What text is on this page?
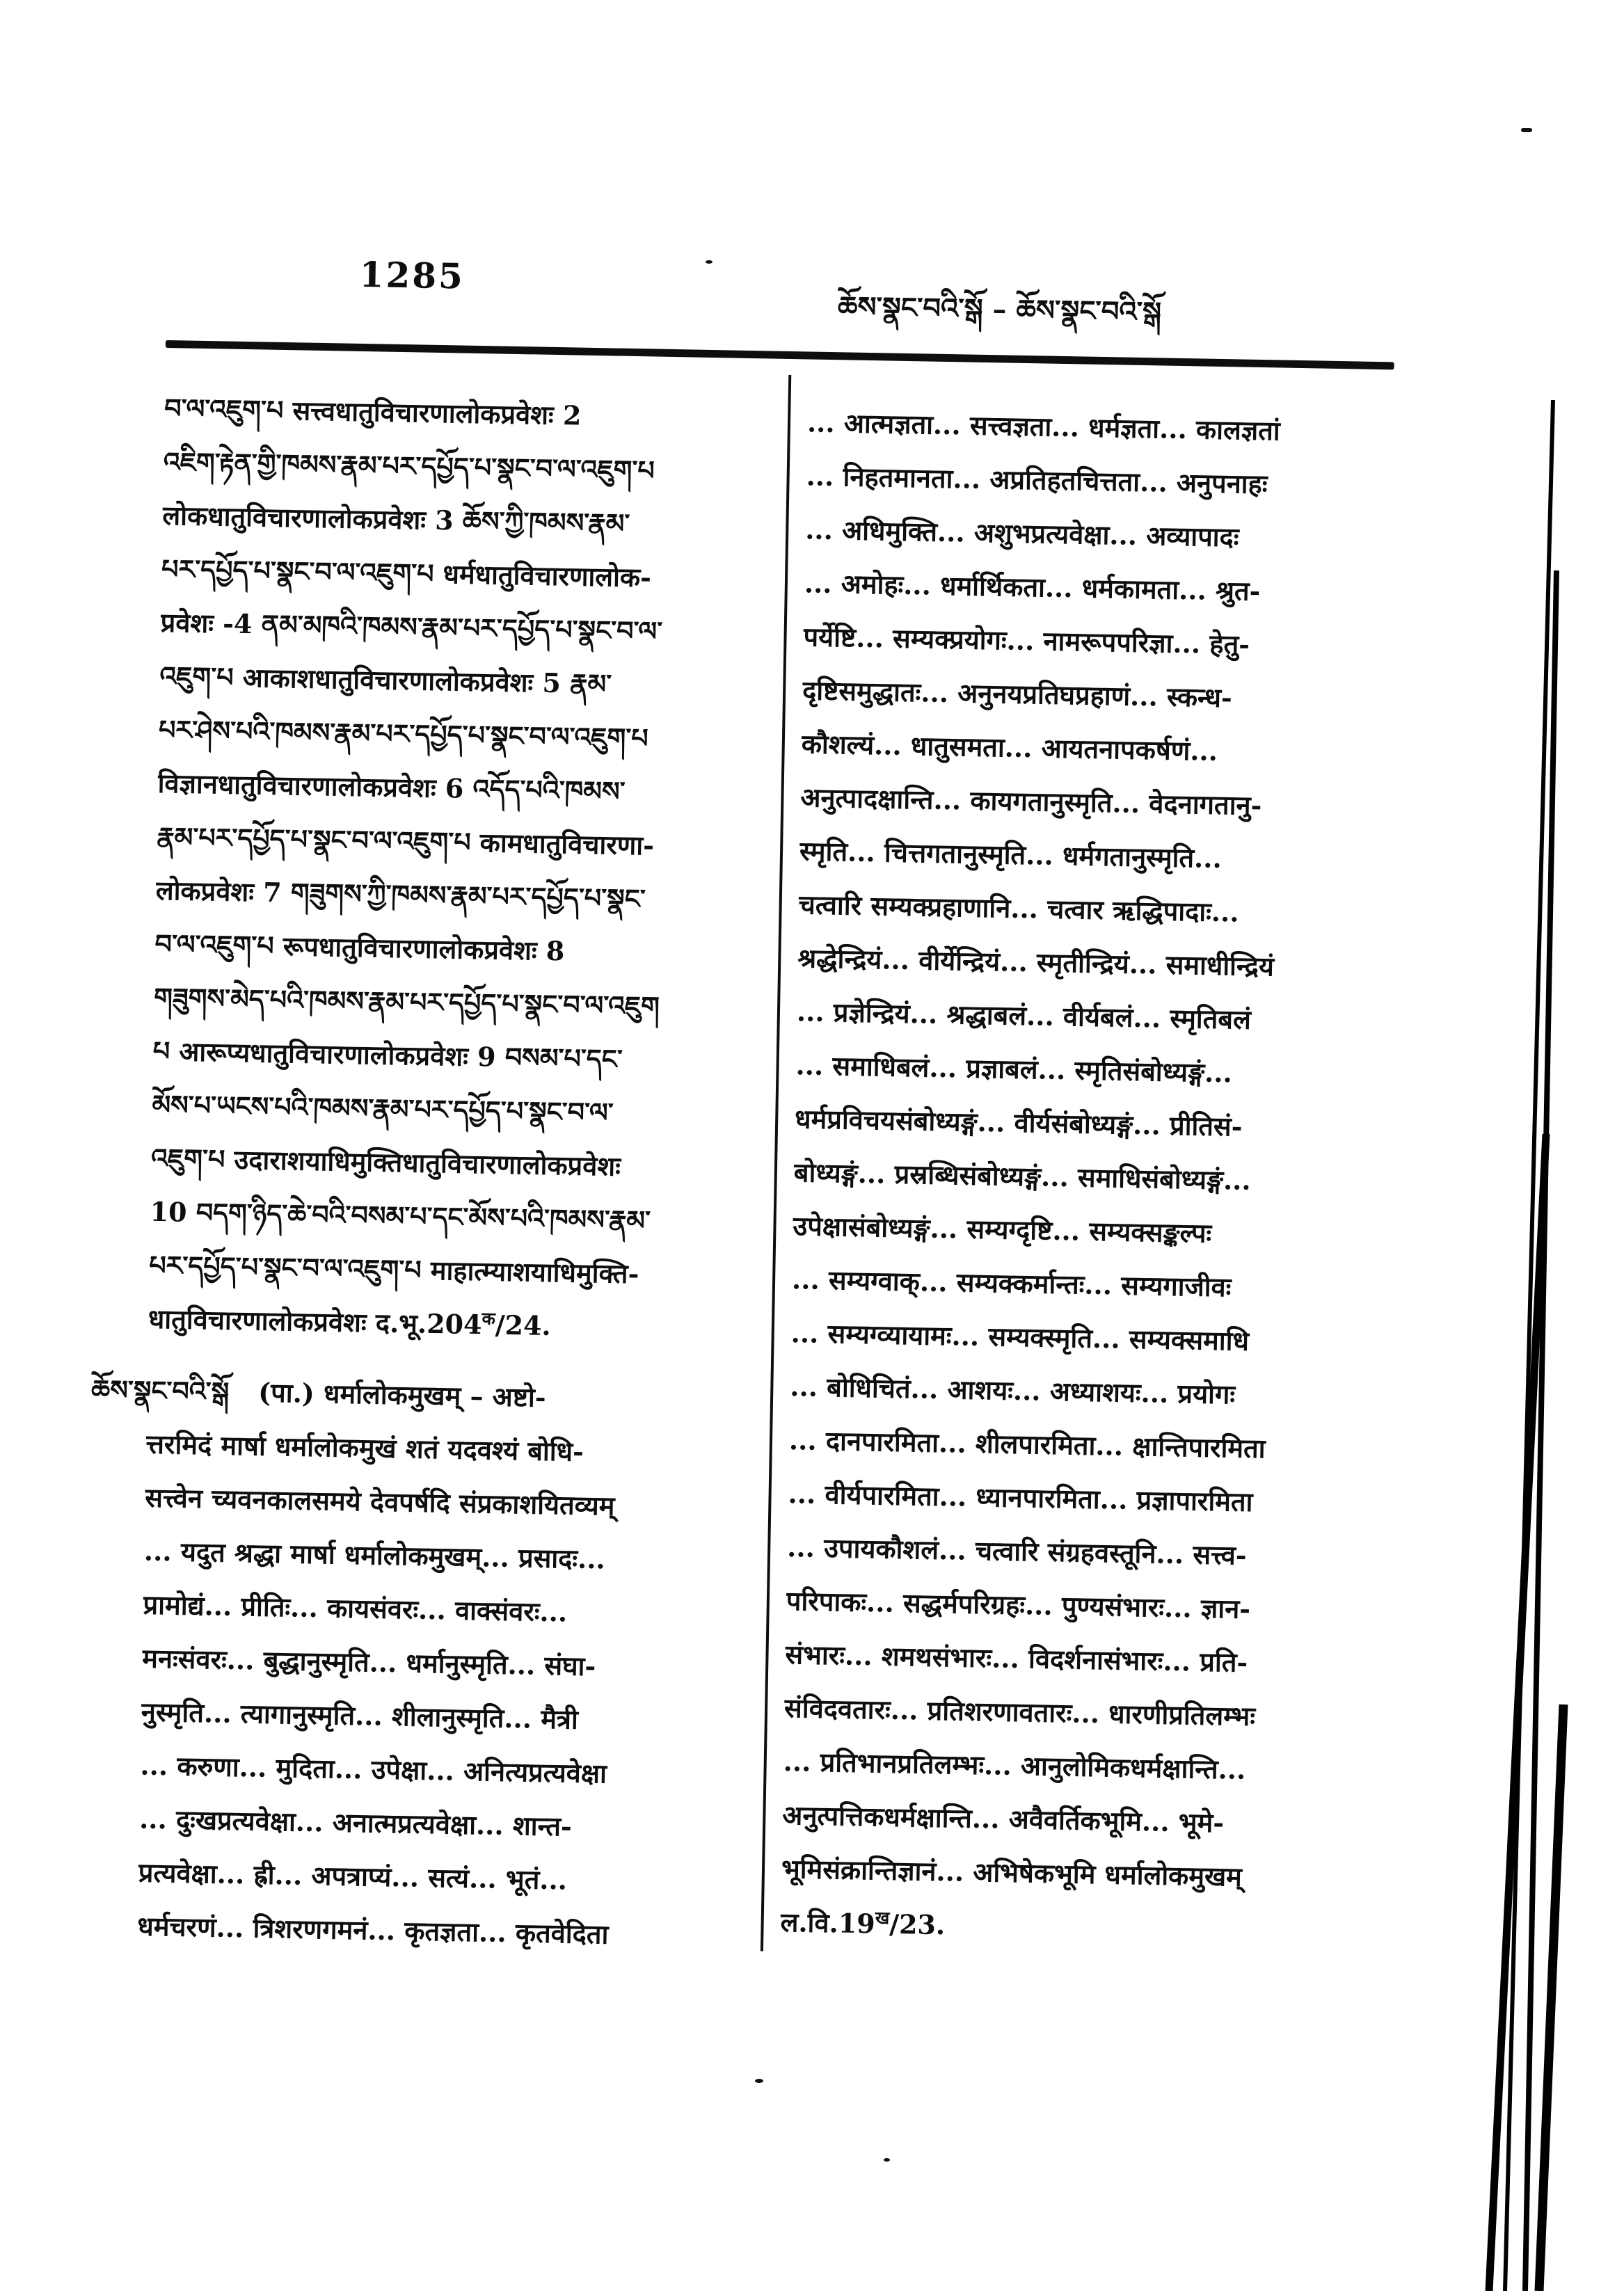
1285
ཆོས་སྣང་བའི་སྒོ – ཆོས་སྣང་བའི་སྒོ
བ་ལ་འཇུག་པ सत्त्वधातुविचारणालोकप्रवेशः 2
འཇིག་རྟེན་གྱི་ཁམས་རྣམ་པར་དཔྱོད་པ་སྣང་བ་ལ་འཇུག་པ
लोकधातुविचारणालोकप्रवेशः 3 ཆོས་ཀྱི་ཁམས་རྣམ་
པར་དཔྱོད་པ་སྣང་བ་ལ་འཇུག་པ धर्मधातुविचारणालोक-
प्रवेशः -4 ནམ་མཁའི་ཁམས་རྣམ་པར་དཔྱོད་པ་སྣང་བ་ལ་
འཇུག་པ आकाशधातुविचारणालोकप्रवेशः 5 རྣམ་
པར་ཤེས་པའི་ཁམས་རྣམ་པར་དཔྱོད་པ་སྣང་བ་ལ་འཇུག་པ
विज्ञानधातुविचारणालोकप्रवेशः 6 འདོད་པའི་ཁམས་
རྣམ་པར་དཔྱོད་པ་སྣང་བ་ལ་འཇུག་པ कामधातुविचारणा-
लोकप्रवेशः 7 གཟུགས་ཀྱི་ཁམས་རྣམ་པར་དཔྱོད་པ་སྣང་
བ་ལ་འཇུག་པ रूपधातुविचारणालोकप्रवेशः 8
གཟུགས་མེད་པའི་ཁམས་རྣམ་པར་དཔྱོད་པ་སྣང་བ་ལ་འཇུག
པ आरूप्यधातुविचारणालोकप्रवेशः 9 བསམ་པ་དང་
མོས་པ་ཡངས་པའི་ཁམས་རྣམ་པར་དཔྱོད་པ་སྣང་བ་ལ་
འཇུག་པ उदाराशयाधिमुक्तिधातुविचारणालोकप्रवेशः
10 བདག་ཉིད་ཆེ་བའི་བསམ་པ་དང་མོས་པའི་ཁམས་རྣམ་
པར་དཔྱོད་པ་སྣང་བ་ལ་འཇུག་པ माहात्म्याशयाधिमुक्ति-
धातुविचारणालोकप्रवेशः $द.भू.204^क/24$.
ཆོས་སྣང་བའི་སྒོ (पा.) धर्मालोकमुखम् – अष्टो-
त्तरमिदं मार्षा धर्मालोकमुखं शतं यदवश्यं बोधि-
सत्त्वेन च्यवनकालसमये देवपर्षदि संप्रकाशयितव्यम्
... यदुत श्रद्धा मार्षा धर्मालोकमुखम्... प्रसादः...
प्रामोद्यं... प्रीतिः... कायसंवरः... वाक्संवरः...
मनःसंवरः... बुद्धानुस्मृति... धर्मानुस्मृति... संघा-
नुस्मृति... त्यागानुस्मृति... शीलानुस्मृति... मैत्री
... करुणा... मुदिता... उपेक्षा... अनित्यप्रत्यवेक्षा
... दुःखप्रत्यवेक्षा... अनात्मप्रत्यवेक्षा... शान्त-
प्रत्यवेक्षा... ह्री... अपत्राप्यं... सत्यं... भूतं...
धर्मचरणं... त्रिशरणगमनं... कृतज्ञता... कृतवेदिता
... आत्मज्ञता... सत्त्वज्ञता... धर्मज्ञता... कालज्ञतां
... निहतमानता... अप्रतिहतचित्तता... अनुपनाहः
... अधिमुक्ति... अशुभप्रत्यवेक्षा... अव्यापादः
... अमोहः... धर्मार्थिकता... धर्मकामता... श्रुत-
पर्येष्टि... सम्यक्प्रयोगः... नामरूपपरिज्ञा... हेतु-
दृष्टिसमुद्धातः... अनुनयप्रतिघप्रहाणं... स्कन्ध-
कौशल्यं... धातुसमता... आयतनापकर्षणं...
अनुत्पादक्षान्ति... कायगतानुस्मृति... वेदनागतानु-
स्मृति... चित्तगतानुस्मृति... धर्मगतानुस्मृति...
चत्वारि सम्यक्प्रहाणानि... चत्वार ऋद्धिपादाः...
श्रद्धेन्द्रियं... वीर्येन्द्रियं... स्मृतीन्द्रियं... समाधीन्द्रियं
... प्रज्ञेन्द्रियं... श्रद्धाबलं... वीर्यबलं... स्मृतिबलं
... समाधिबलं... प्रज्ञाबलं... स्मृतिसंबोध्यङ्गं...
धर्मप्रविचयसंबोध्यङ्गं... वीर्यसंबोध्यङ्गं... प्रीतिसं-
बोध्यङ्गं... प्रस्रब्धिसंबोध्यङ्गं... समाधिसंबोध्यङ्गं...
उपेक्षासंबोध्यङ्गं... सम्यग्दृष्टि... सम्यक्सङ्कल्पः
... सम्यग्वाक्... सम्यक्कर्मान्तः... सम्यगाजीवः
... सम्यग्व्यायामः... सम्यक्स्मृति... सम्यक्समाधि
... बोधिचितं... आशयः... अध्याशयः... प्रयोगः
... दानपारमिता... शीलपारमिता... क्षान्तिपारमिता
... वीर्यपारमिता... ध्यानपारमिता... प्रज्ञापारमिता
... उपायकौशलं... चत्वारि संग्रहवस्तूनि... सत्त्व-
परिपाकः... सद्धर्मपरिग्रहः... पुण्यसंभारः... ज्ञान-
संभारः... शमथसंभारः... विदर्शनासंभारः... प्रति-
संविदवतारः... प्रतिशरणावतारः... धारणीप्रतिलम्भः
... प्रतिभानप्रतिलम्भः... आनुलोमिकधर्मक्षान्ति...
अनुत्पत्तिकधर्मक्षान्ति... अवैवर्तिकभूमि... भूमे-
भूमिसंक्रान्तिज्ञानं... अभिषेकभूमि धर्मालोकमुखम्
$ल.वि.19^ख/23$.
